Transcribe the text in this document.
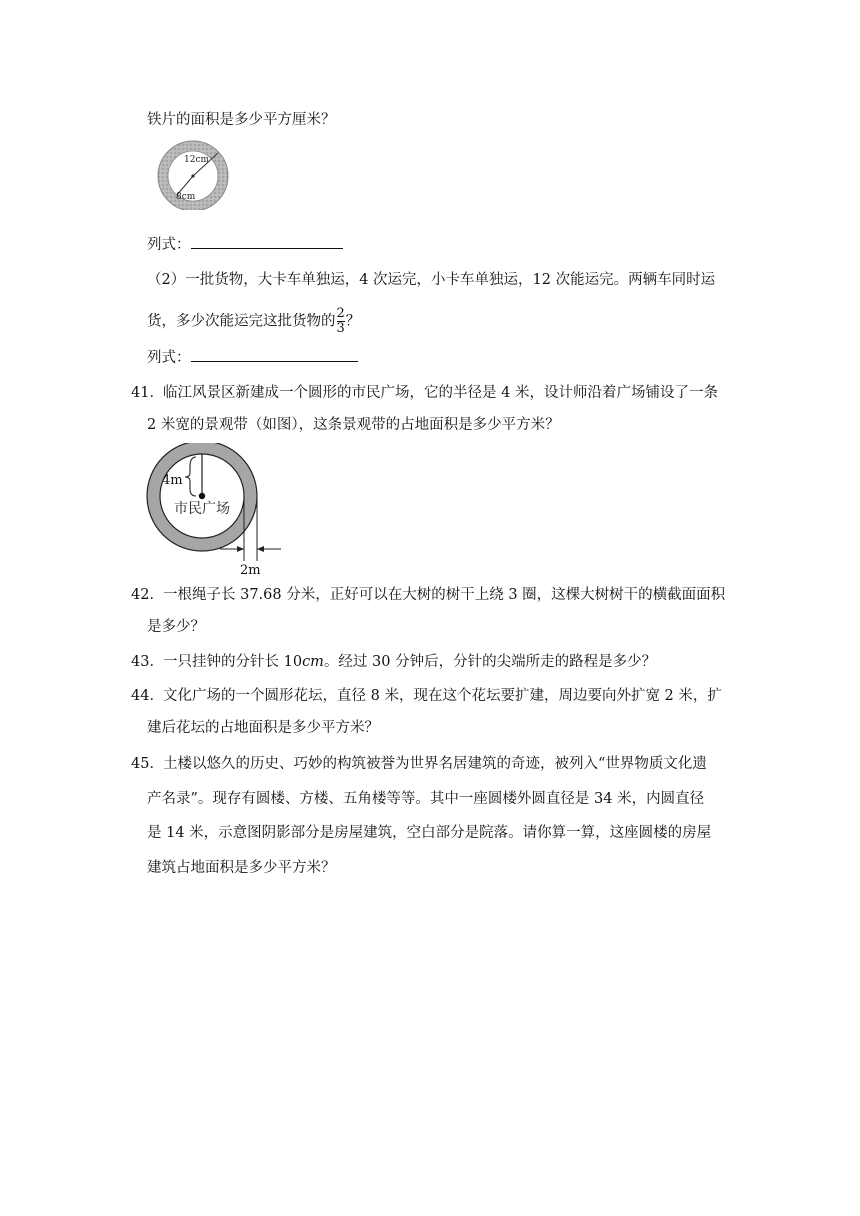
铁片的面积是多少平方厘米？
12cm
8cm
列式：
（2）一批货物，大卡车单独运，4 次运完，小卡车单独运，12 次能运完。两辆车同时运
货，多少次能运完这批货物的 $\frac{2}{3}$ ？
列式：
41． 临江风景区新建成一个圆形的市民广场，它的半径是 4 米，设计师沿着广场铺设了一条
2 米宽的景观带（如图），这条景观带的占地面积是多少平方米？
4m
市民广场
2m
42． 一根绳子长 37.68 分米，正好可以在大树的树干上绕 3 圈，这棵大树树干的横截面面积
是多少？
43． 一只挂钟的分针长 10cm。经过 30 分钟后，分针的尖端所走的路程是多少？
44． 文化广场的一个圆形花坛，直径 8 米，现在这个花坛要扩建，周边要向外扩宽 2 米，扩
建后花坛的占地面积是多少平方米？
45． 土楼以悠久的历史、巧妙的构筑被誉为世界名居建筑的奇迹，被列入“世界物质文化遗
产名录”。现存有圆楼、方楼、五角楼等等。其中一座圆楼外圆直径是 34 米，内圆直径
是 14 米，示意图阴影部分是房屋建筑，空白部分是院落。请你算一算，这座圆楼的房屋
建筑占地面积是多少平方米？
